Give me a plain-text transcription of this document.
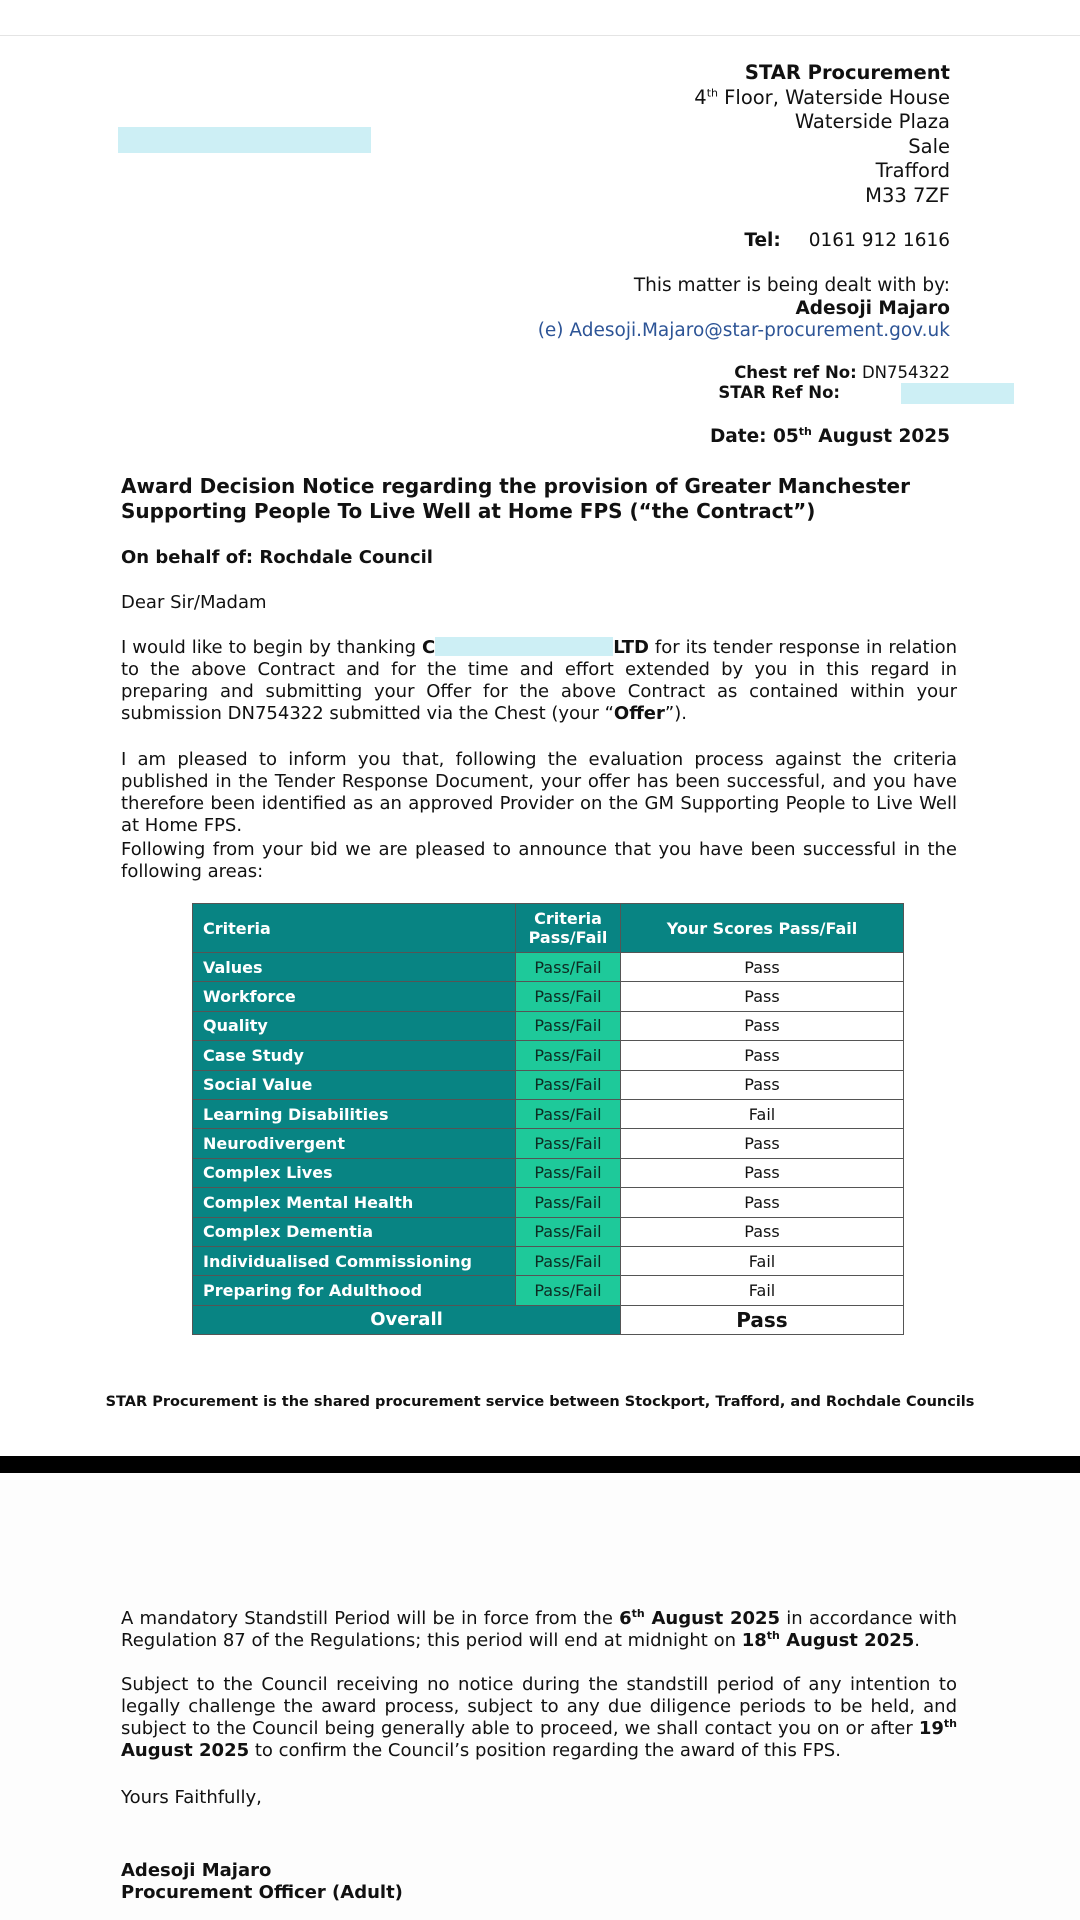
STAR Procurement
4th Floor, Waterside House
Waterside Plaza
Sale
Trafford
M33 7ZF
Tel: 0161 912 1616
This matter is being dealt with by:
Adesoji Majaro
(e) Adesoji.Majaro@star-procurement.gov.uk
Chest ref No: DN754322
STAR Ref No:
Date: 05th August 2025
Award Decision Notice regarding the provision of Greater Manchester Supporting People To Live Well at Home FPS (“the Contract”)
On behalf of: Rochdale Council
Dear Sir/Madam
I would like to begin by thanking C	LTD for its tender response in relation to the above Contract and for the time and effort extended by you in this regard in preparing and submitting your Offer for the above Contract as contained within your submission DN754322 submitted via the Chest (your “Offer”).
I am pleased to inform you that, following the evaluation process against the criteria published in the Tender Response Document, your offer has been successful, and you have therefore been identified as an approved Provider on the GM Supporting People to Live Well at Home FPS.
Following from your bid we are pleased to announce that you have been successful in the following areas:
Criteria	Criteria Pass/Fail	Your Scores Pass/Fail
Values	Pass/Fail	Pass
Workforce	Pass/Fail	Pass
Quality	Pass/Fail	Pass
Case Study	Pass/Fail	Pass
Social Value	Pass/Fail	Pass
Learning Disabilities	Pass/Fail	Fail
Neurodivergent	Pass/Fail	Pass
Complex Lives	Pass/Fail	Pass
Complex Mental Health	Pass/Fail	Pass
Complex Dementia	Pass/Fail	Pass
Individualised Commissioning	Pass/Fail	Fail
Preparing for Adulthood	Pass/Fail	Fail
Overall		Pass
STAR Procurement is the shared procurement service between Stockport, Trafford, and Rochdale Councils
A mandatory Standstill Period will be in force from the 6th August 2025 in accordance with Regulation 87 of the Regulations; this period will end at midnight on 18th August 2025.
Subject to the Council receiving no notice during the standstill period of any intention to legally challenge the award process, subject to any due diligence periods to be held, and subject to the Council being generally able to proceed, we shall contact you on or after 19th August 2025 to confirm the Council’s position regarding the award of this FPS.
Yours Faithfully,
Adesoji Majaro
Procurement Officer (Adult)
